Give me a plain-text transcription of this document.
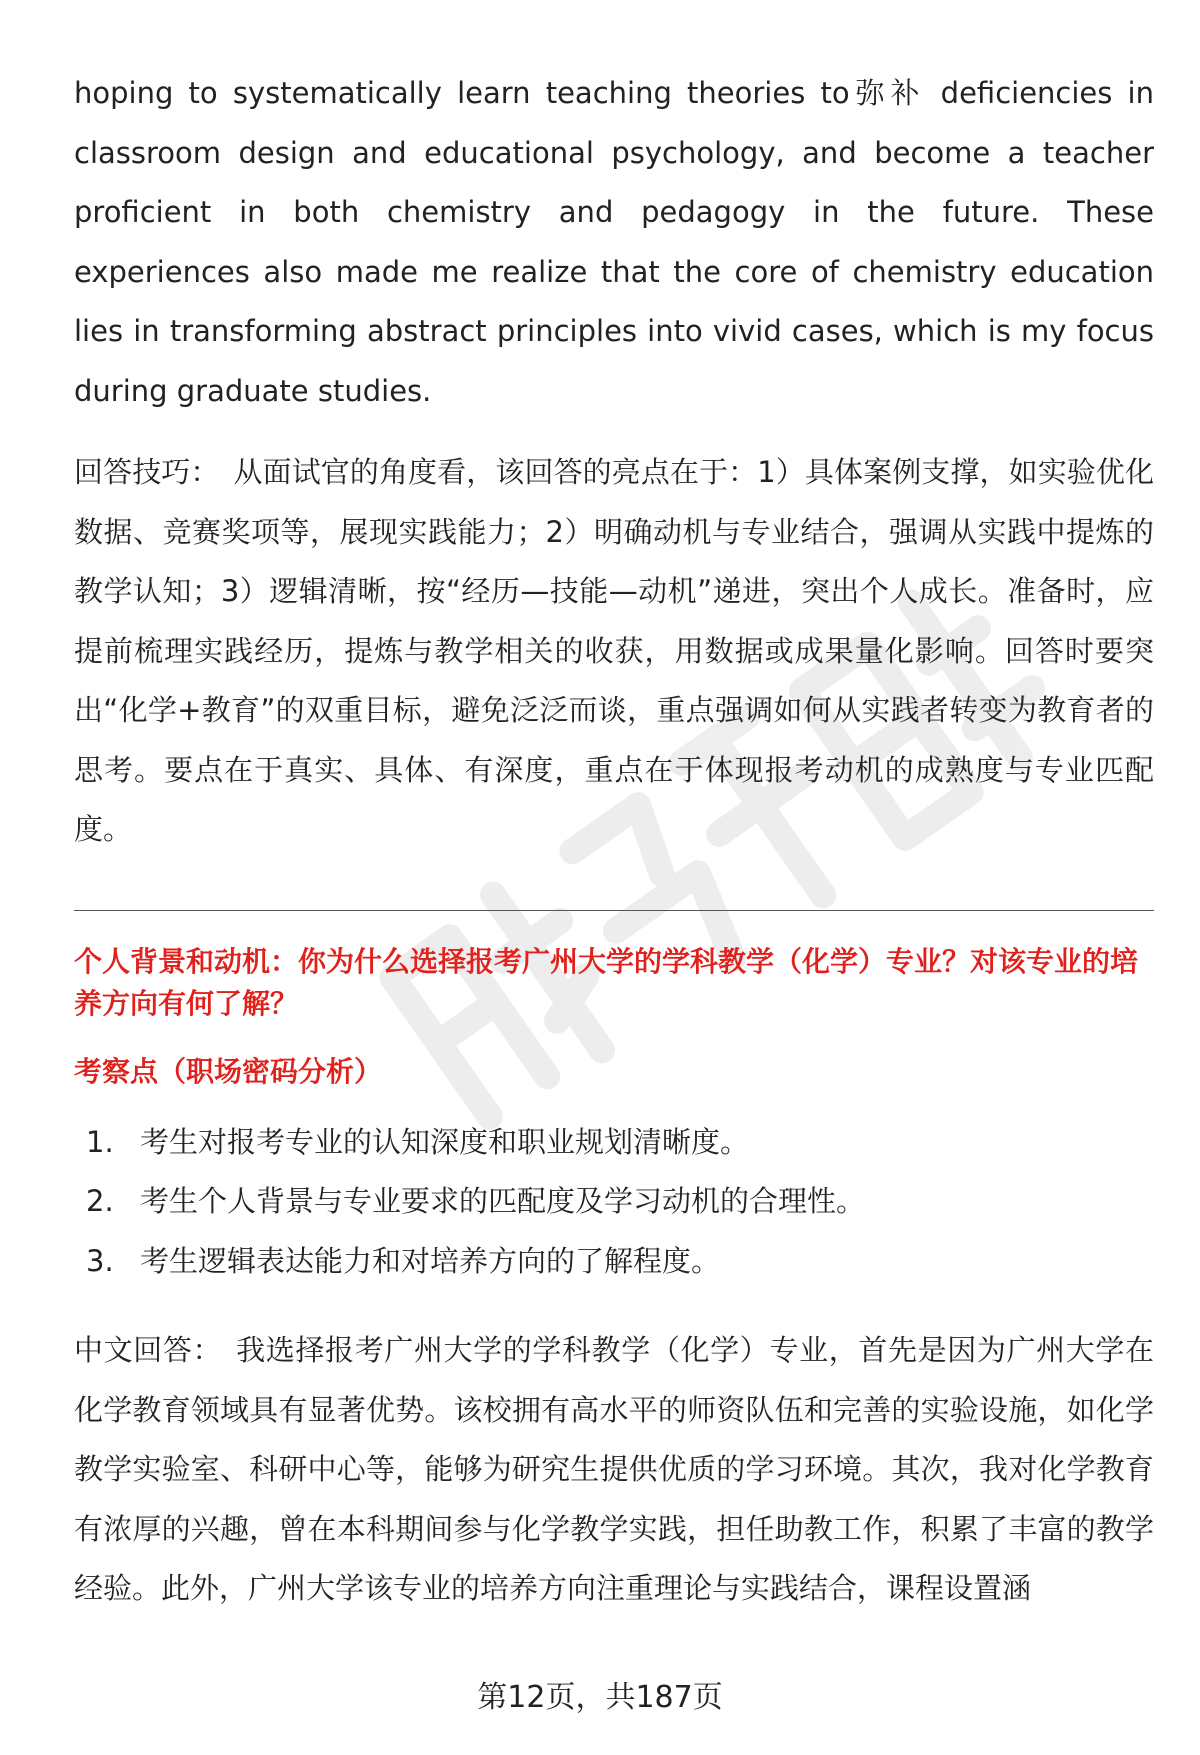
hoping to systematically learn teaching theories to弥补 deficiencies in classroom design and educational psychology, and become a teacher proficient in both chemistry and pedagogy in the future. These experiences also made me realize that the core of chemistry education lies in transforming abstract principles into vivid cases, which is my focus during graduate studies.

回答技巧： 从面试官的角度看，该回答的亮点在于：1）具体案例支撑，如实验优化数据、竞赛奖项等，展现实践能力；2）明确动机与专业结合，强调从实践中提炼的教学认知；3）逻辑清晰，按“经历—技能—动机”递进，突出个人成长。准备时，应提前梳理实践经历，提炼与教学相关的收获，用数据或成果量化影响。回答时要突出“化学+教育”的双重目标，避免泛泛而谈，重点强调如何从实践者转变为教育者的思考。要点在于真实、具体、有深度，重点在于体现报考动机的成熟度与专业匹配度。

个人背景和动机：你为什么选择报考广州大学的学科教学（化学）专业？对该专业的培养方向有何了解？

考察点（职场密码分析）

1. 考生对报考专业的认知深度和职业规划清晰度。
2. 考生个人背景与专业要求的匹配度及学习动机的合理性。
3. 考生逻辑表达能力和对培养方向的了解程度。

中文回答： 我选择报考广州大学的学科教学（化学）专业，首先是因为广州大学在化学教育领域具有显著优势。该校拥有高水平的师资队伍和完善的实验设施，如化学教学实验室、科研中心等，能够为研究生提供优质的学习环境。其次，我对化学教育有浓厚的兴趣，曾在本科期间参与化学教学实践，担任助教工作，积累了丰富的教学经验。此外，广州大学该专业的培养方向注重理论与实践结合，课程设置涵

第12页，共187页
